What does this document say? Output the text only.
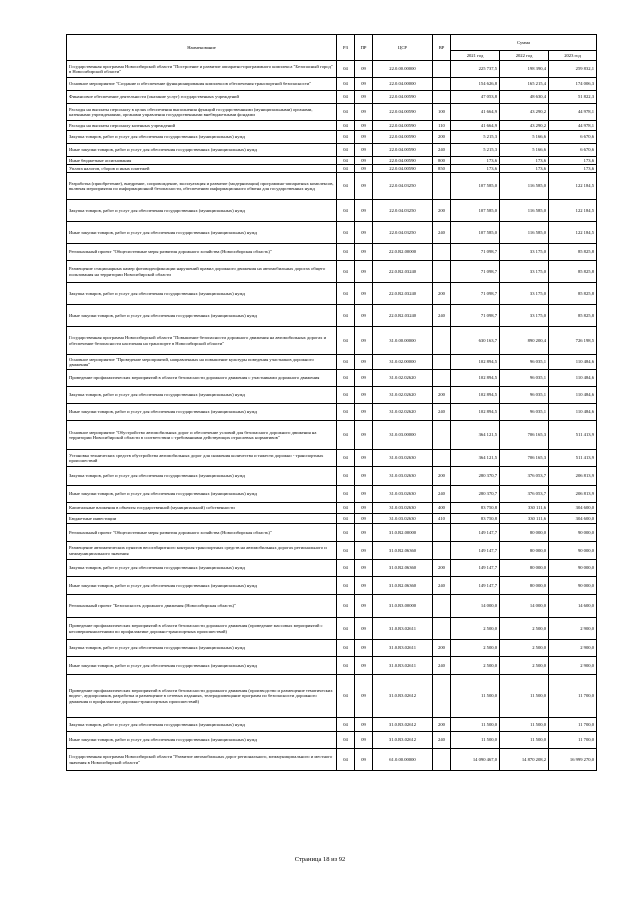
Наименование	РЗ	ПР	ЦСР	ВР	Сумма		
					2021 год	2022 год	2023 год
Государственная программа Новосибирской области "Построение и развитие аппаратно-программного комплекса "Безопасный город" в Новосибирской области"	04	09	22.0.00.00000		225 737,5	198 390,4	259 832,1
Основное мероприятие "Создание и обеспечение функционирования комплексов обеспечения транспортной безопасности"	04	09	22.0.04.00000		154 626,8	165 215,4	174 006,3
Финансовое обеспечение деятельности (оказание услуг) государственных учреждений	04	09	22.0.04.00590		47 053,8	48 630,4	51 822,3
Расходы на выплаты персоналу в целях обеспечения выполнения функций государственными (муниципальными) органами, казенными учреждениями, органами управления государственными внебюджетными фондами	04	09	22.0.04.00590	100	41 664,9	43 290,2	44 978,1
Расходы на выплаты персоналу казенных учреждений	04	09	22.0.04.00590	110	41 664,9	43 290,2	44 978,1
Закупка товаров, работ и услуг для обеспечения государственных (муниципальных) нужд	04	09	22.0.04.00590	200	5 215,3	5 166,6	6 670,6
Иные закупки товаров, работ и услуг для обеспечения государственных (муниципальных) нужд	04	09	22.0.04.00590	240	5 215,3	5 166,6	6 670,6
Иные бюджетные ассигнования	04	09	22.0.04.00590	800	173,6	173,6	173,6
Уплата налогов, сборов и иных платежей	04	09	22.0.04.00590	850	173,6	173,6	173,6
Разработка (приобретение), внедрение, сопровождение, эксплуатация и развитие (модернизация) программно-аппаратных комплексов, включая мероприятия по информационной безопасности, обеспечению информационного обмена для государственных нужд	04	09	22.0.04.03250		107 585,0	116 585,0	122 184,5
Закупка товаров, работ и услуг для обеспечения государственных (муниципальных) нужд	04	09	22.0.04.03250	200	107 585,0	116 585,0	122 184,5
Иные закупки товаров, работ и услуг для обеспечения государственных (муниципальных) нужд	04	09	22.0.04.03250	240	107 585,0	116 585,0	122 184,5
Региональный проект "Общесистемные меры развития дорожного хозяйства (Новосибирская область)"	04	09	22.0.R2.00000		71 098,7	33 175,0	85 825,8
Размещение стационарных камер фотовидеофиксации нарушений правил дорожного движения на автомобильных дорогах общего пользования на территории Новосибирской области	04	09	22.0.R2.03240		71 098,7	33 175,0	85 825,8
Закупка товаров, работ и услуг для обеспечения государственных (муниципальных) нужд	04	09	22.0.R2.03240	200	71 098,7	33 175,0	85 825,8
Иные закупки товаров, работ и услуг для обеспечения государственных (муниципальных) нужд	04	09	22.0.R2.03240	240	71 098,7	33 175,0	85 825,8
Государственная программа Новосибирской области "Повышение безопасности дорожного движения на автомобильных дорогах и обеспечение безопасности населения на транспорте в Новосибирской области"	04	09	31.0.00.00000		630 163,7	890 200,4	726 198,5
Основное мероприятие "Проведение мероприятий, направленных на повышение культуры поведения участников дорожного движения"	04	09	31.0.02.00000		102 894,5	96 035,1	110 484,6
Проведение профилактических мероприятий в области безопасности дорожного движения с участниками дорожного движения	04	09	31.0.02.02620		102 894,5	96 035,1	110 484,6
Закупка товаров, работ и услуг для обеспечения государственных (муниципальных) нужд	04	09	31.0.02.02620	200	102 894,5	96 035,1	110 484,6
Иные закупки товаров, работ и услуг для обеспечения государственных (муниципальных) нужд	04	09	31.0.02.02620	240	102 894,5	96 035,1	110 484,6
Основное мероприятие "Обустройство автомобильных дорог и обеспечение условий для безопасного дорожного движения на территории Новосибирской области в соответствии с требованиями действующих отраслевых нормативов"	04	09	31.0.03.00000		364 121,5	706 165,3	511 413,9
Установка технических средств обустройства автомобильных дорог для снижения количества и тяжести дорожно - транспортных происшествий	04	09	31.0.03.02630		364 121,5	706 165,3	511 413,9
Закупка товаров, работ и услуг для обеспечения государственных (муниципальных) нужд	04	09	31.0.03.02630	200	280 370,7	376 053,7	206 813,9
Иные закупки товаров, работ и услуг для обеспечения государственных (муниципальных) нужд	04	09	31.0.03.02630	240	280 370,7	376 053,7	206 813,9
Капитальные вложения в объекты государственной (муниципальной) собственности	04	09	31.0.03.02630	400	83 750,8	330 111,6	304 600,0
Бюджетные инвестиции	04	09	31.0.03.02630	410	83 750,8	330 111,6	304 600,0
Региональный проект "Общесистемные меры развития дорожного хозяйства (Новосибирская область)"	04	09	31.0.R2.00000		149 147,7	80 000,0	90 000,0
Размещение автоматических пунктов весогабаритного контроля транспортных средств на автомобильных дорогах регионального и межмуниципального значения	04	09	31.0.R2.06360		149 147,7	80 000,0	90 000,0
Закупка товаров, работ и услуг для обеспечения государственных (муниципальных) нужд	04	09	31.0.R2.06360	200	149 147,7	80 000,0	90 000,0
Иные закупки товаров, работ и услуг для обеспечения государственных (муниципальных) нужд	04	09	31.0.R2.06360	240	149 147,7	80 000,0	90 000,0
Региональный проект "Безопасность дорожного движения (Новосибирская область)"	04	09	31.0.R3.00000		14 000,0	14 000,0	14 600,0
Проведение профилактических мероприятий в области безопасности дорожного движения (проведение массовых мероприятий с несовершеннолетними по профилактике дорожно-транспортных происшествий)	04	09	31.0.R3.02611		2 500,0	2 500,0	2 900,0
Закупка товаров, работ и услуг для обеспечения государственных (муниципальных) нужд	04	09	31.0.R3.02611	200	2 500,0	2 500,0	2 900,0
Иные закупки товаров, работ и услуг для обеспечения государственных (муниципальных) нужд	04	09	31.0.R3.02611	240	2 500,0	2 500,0	2 900,0
Проведение профилактических мероприятий в области безопасности дорожного движения (производство и размещение тематических видео-, аудиороликов, разработка и размещение в сетевых изданиях, телерадиовещание программ по безопасности дорожного движения и профилактике дорожно-транспортных происшествий)	04	09	31.0.R3.02612		11 500,0	11 500,0	11 700,0
Закупка товаров, работ и услуг для обеспечения государственных (муниципальных) нужд	04	09	31.0.R3.02612	200	11 500,0	11 500,0	11 700,0
Иные закупки товаров, работ и услуг для обеспечения государственных (муниципальных) нужд	04	09	31.0.R3.02612	240	11 500,0	11 500,0	11 700,0
Государственная программа Новосибирской области "Развитие автомобильных дорог регионального, межмуниципального и местного значения в Новосибирской области"	04	09	61.0.00.00000		14 090 467,0	14 870 208,2	16 999 270,0
Страница 18 из 92
